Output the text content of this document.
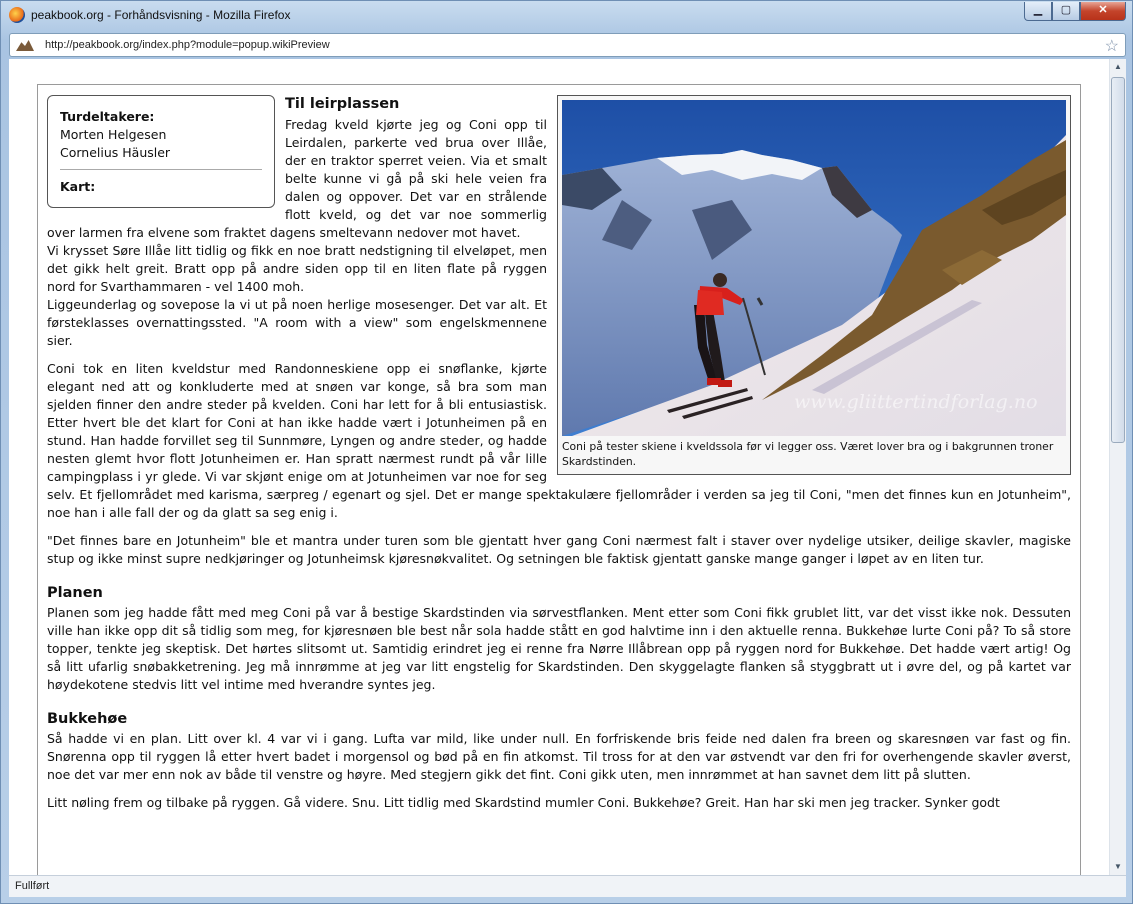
peakbook.org - Forhåndsvisning - Mozilla Firefox	▁	▢	✕
http://peakbook.org/index.php?module=popup.wikiPreview	☆
Turdeltakere:
Morten Helgesen
Cornelius Häusler
Kart:
www.gliittertindforlag.no
Coni på tester skiene i kveldssola før vi legger oss. Været lover bra og i bakgrunnen troner Skardstinden.
Til leirplassen

Fredag kveld kjørte jeg og Coni opp til Leirdalen, parkerte ved brua over Illåe, der en traktor sperret veien. Via et smalt belte kunne vi gå på ski hele veien fra dalen og oppover. Det var en strålende flott kveld, og det var noe sommerlig over larmen fra elvene som fraktet dagens smeltevann nedover mot havet.

Vi krysset Søre Illåe litt tidlig og fikk en noe bratt nedstigning til elveløpet, men det gikk helt greit. Bratt opp på andre siden opp til en liten flate på ryggen nord for Svarthammaren - vel 1400 moh.

Liggeunderlag og sovepose la vi ut på noen herlige mosesenger. Det var alt. Et førsteklasses overnattingssted. "A room with a view" som engelskmennene sier.

Coni tok en liten kveldstur med Randonneskiene opp ei snøflanke, kjørte elegant ned att og konkluderte med at snøen var konge, så bra som man sjelden finner den andre steder på kvelden. Coni har lett for å bli entusiastisk. Etter hvert ble det klart for Coni at han ikke hadde vært i Jotunheimen på en stund. Han hadde forvillet seg til Sunnmøre, Lyngen og andre steder, og hadde nesten glemt hvor flott Jotunheimen er. Han spratt nærmest rundt på vår lille campingplass i yr glede. Vi var skjønt enige om at Jotunheimen var noe for seg selv. Et fjellområdet med karisma, særpreg / egenart og sjel. Det er mange spektakulære fjellområder i verden sa jeg til Coni, "men det finnes kun en Jotunheim", noe han i alle fall der og da glatt sa seg enig i.

"Det finnes bare en Jotunheim" ble et mantra under turen som ble gjentatt hver gang Coni nærmest falt i staver over nydelige utsiker, deilige skavler, magiske stup og ikke minst supre nedkjøringer og Jotunheimsk kjøresnøkvalitet. Og setningen ble faktisk gjentatt ganske mange ganger i løpet av en liten tur.

Planen

Planen som jeg hadde fått med meg Coni på var å bestige Skardstinden via sørvestflanken. Ment etter som Coni fikk grublet litt, var det visst ikke nok. Dessuten ville han ikke opp dit så tidlig som meg, for kjøresnøen ble best når sola hadde stått en god halvtime inn i den aktuelle renna. Bukkehøe lurte Coni på? To så store topper, tenkte jeg skeptisk. Det hørtes slitsomt ut. Samtidig erindret jeg ei renne fra Nørre Illåbrean opp på ryggen nord for Bukkehøe. Det hadde vært artig! Og så litt ufarlig snøbakketrening. Jeg må innrømme at jeg var litt engstelig for Skardstinden. Den skyggelagte flanken så styggbratt ut i øvre del, og på kartet var høydekotene stedvis litt vel intime med hverandre syntes jeg.

Bukkehøe

Så hadde vi en plan. Litt over kl. 4 var vi i gang. Lufta var mild, like under null. En forfriskende bris feide ned dalen fra breen og skaresnøen var fast og fin. Snørenna opp til ryggen lå etter hvert badet i morgensol og bød på en fin atkomst. Til tross for at den var østvendt var den fri for overhengende skavler øverst, noe det var mer enn nok av både til venstre og høyre. Med stegjern gikk det fint. Coni gikk uten, men innrømmet at han savnet dem litt på slutten.

Litt nøling frem og tilbake på ryggen. Gå videre. Snu. Litt tidlig med Skardstind mumler Coni. Bukkehøe? Greit. Han har ski men jeg tracker. Synker godt

▲
▼
Fullført
